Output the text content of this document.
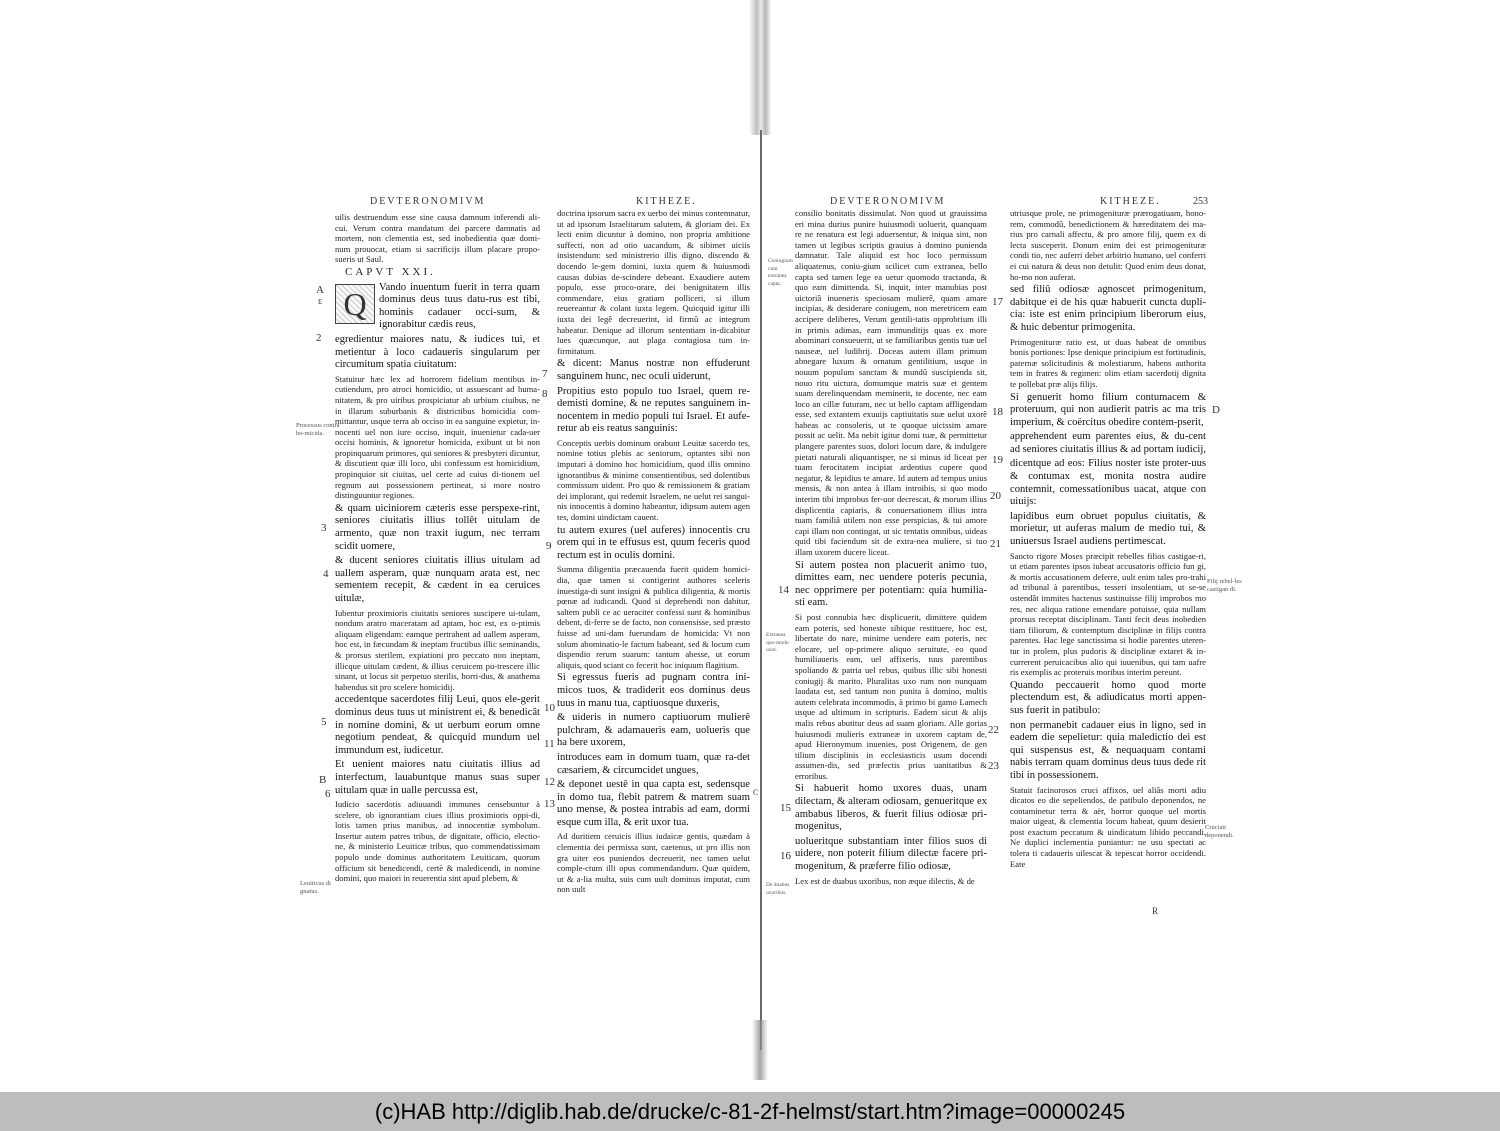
DEVTERONOMIVM	KITHEZE.	DEVTERONOMIVM	KITHEZE.	253

uilis destruendum esse sine causa damnum inferendi ali-cui. Verum contra mandatum dei parcere damnatis ad mortem, non clementia est, sed inobedientia quæ domi-num prouocat, etiam si sacrificijs illum placare propo-sueris ut Saul.

CAPVT XXI.

Q	Vando inuentum fuerit in terra quam dominus deus tuus datu-rus est tibi, hominis cadauer occi-sum, & ignorabitur cædis reus,

egredientur maiores natu, & iudices tui, et metientur à loco cadaueris singularum per circumitum spatia ciuitatum:

Statuitur hæc lex ad horrorem fidelium mentibus in-cutiendum, pro atroci homicidio, ut assuescant ad huma-nitatem, & pro uiribus prospiciatur ab urbium ciuibus, ne in illarum suburbanis & districtibus homicidia com-mittantur, usque terra ab occiso in ea sanguine expietur, in-nocenti uel non iure occiso, inquit, inuenietur cada-uer occisi hominis, & ignoretur homicida, exibunt ut bi non propinquarum primores, qui seniores & presbyteri dicuntur, & discutient quæ illi loco, ubi confessum est homicidium, propinquior sit ciuitas, uel certe ad cuius di-tionem uel regnum aut possessionem pertineat, si more nostro distinguuntur regiones.

& quam uiciniorem cæteris esse perspexe-rint, seniores ciuitatis illius tollêt uitulam de armento, quæ non traxit iugum, nec terram scidit uomere,

& ducent seniores ciuitatis illius uitulam ad uallem asperam, quæ nunquam arata est, nec sementem recepit, & cædent in ea ceruices uitulæ,

Iubentur proximioris ciuitatis seniores suscipere ui-tulam, nondum aratro maceratam ad aptam, hoc est, ex o-ptimis aliquam eligendam: eamque pertrahent ad uallem asperam, hoc est, in fæcundam & ineptam fructibus illic seminandis, & prorsus sterilem, expiationi pro peccato non ineptam, illicque uitulam cædent, & illius ceruicem pu-trescere illic sinant, ut locus sit perpetuo sterilis, horri-dus, & anathema habendus sit pro scelere homicidij.

accedentque sacerdotes filij Leui, quos ele-gerit dominus deus tuus ut ministrent ei, & benedicât in nomine domini, & ut uerbum eorum omne negotium pendeat, & quicquid mundum uel immundum est, iudicetur.

Et uenient maiores natu ciuitatis illius ad interfectum, lauabuntque manus suas super uitulam quæ in ualle percussa est,

Iudicio sacerdotis adiuuandi immunes censebuntur à scelere, ob ignorantiam ciues illius proximioris oppi-di, lotis tamen prius manibus, ad innocentiæ symbolum. Insertur autem patres tribus, de dignitate, officio, electio-ne, & ministerio Leuiticæ tribus, quo commendatissimam populo unde dominus authoritatem Leuiticam, quorum officium sit benedicendi, certè & maledicendi, in nomine domini, quo maiori in reuerentia sint apud plebem, &

doctrina ipsorum sacra ex uerbo dei minus contemnatur, ut ad ipsorum Israelitarum salutem, & gloriam dei. Ex lecti enim dicuntur à domino, non propria ambitione suffecti, non ad otio uacandum, & sibimet uiciis insistendum: sed ministrerio illis digno, discendo & docendo le-gem domini, iuxta quem & huiusmodi causas dubias de-scindere debeant. Exaudiere autem populo, esse proco-orare, dei benignitatem illis commendare, eius gratiam polliceri, si illum reuereantur & colant iuxta legem. Quicquid igitur illi iuxta dei legê decreuerint, id firmû ac integrum habeatur. Denique ad illorum sententiam in-dicabitur lues quæcunque, aut plaga contagiosa tum in-firmitatum.

& dicent: Manus nostræ non effuderunt sanguinem hunc, nec oculi uiderunt,

Propitius esto populo tuo Israel, quem re-demisti domine, & ne reputes sanguinem in-nocentem in medio populi tui Israel. Et aufe-retur ab eis reatus sanguinis:

Conceptis uerbis dominum orabunt Leuitæ sacerdo tes, nomine totius plebis ac seniorum, optantes sibi non imputari à domino hoc homicidium, quod illis omnino ignorantibus & minime consentientibus, sed dolentibus commissum uident. Pro quo & remissionem & gratiam dei implorant, qui redemit Israelem, ne uelut rei sangui-nis innocentis à domino habeantur, idipsum autem agen tes, domini uindictam cauent.

tu autem exures (uel auferes) innocentis cru orem qui in te effusus est, quum feceris quod rectum est in oculis domini.

Summa diligentia præcauenda fuerit quidem homici-dia, quæ tamen si contigerint authores sceleris inuestiga-di sunt insigni & publica diligentia, & mortis pœnæ ad iudicandi. Quod si deprehendi non dabitur, saltem publi ce ac ueraciter confessi sunt & hominibus debent, di-ferre se de facto, non consensisse, sed præsto fuisse ad uni-dam fuerundam de homicida: Vt non solum abominatio-le factum habeant, sed & locum cum dispendio rerum suarum: tantum abesse, ut eorum aliquis, quod sciant co fecerit hoc iniquum flagitium.

Si egressus fueris ad pugnam contra ini-micos tuos, & tradiderit eos dominus deus tuus in manu tua, captiuosque duxeris,

& uideris in numero captiuorum mulierê pulchram, & adamaueris eam, uolueris que ha bere uxorem,

introduces eam in domum tuam, quæ ra-det cæsariem, & circumcidet ungues,

& deponet uestê in qua capta est, sedensque in domo tua, flebit patrem & matrem suam uno mense, & postea intrabis ad eam, dormi esque cum illa, & erit uxor tua.

Ad duritiem ceruicis illius iudaicæ gentis, quædam à clementia dei permissa sunt, caetenus, ut pro illis non gra uiter eos puniendos decreuerit, nec tamen uelut comple-ctum illi opus commendandum. Quæ quidem, ut & a-lia multa, suis cum uult dominus imputat, cum non uult

consilio bonitatis dissimulat. Non quod ut grauissima eri mina durius punire huiusmodi uoluerit, quanquam re ne renatura est legi aduersentur, & iniqua sint, non tamen ut legibus scriptis grauius à domino punienda damnatur. Tale aliquid est hoc loco permissum aliquatenus, coniu-gium scilicet cum extranea, bello capta sed tamen lege ea uetur quomodo tractanda, & quo eam dimittenda. Si, inquit, inter manubias post uictoriâ inueneris speciosam mulierê, quam amare incipias, & desiderare coniugem, non meretricem eam accipere deliberes, Verum gentili-tatis opprobrium illi in primis adimas, eam immunditijs quas ex more abominari consueuerit, ut se familiaribus gentis tuæ uel nauseæ, uel ludibrij. Doceas autem illam primum abnegare luxum & ornatum gentilitium, usque in nouum populum sanctam & mundû suscipienda sit, nouo ritu uictura, domumque matris suæ et gentem suam derelinquendam meminerit, te docente, nec eam loco an cillæ futuram, nec ut bello captam affligendam esse, sed extantem exuuijs captiuitatis suæ uelut uxorê habeas ac consoleris, ut te quoque uicissim amare possit ac uelit. Ma nebit igitur domi tuæ, & permittetur plangere parentes suos, dolori locum dare, & indulgere pietati naturali aliquantisper, ne si minus id liceat per tuam ferocitatem incipiat ardentius cupere quod negatur, & lepidius te amare. Id autem ad tempus unius mensis, & non antea à illam introibis, si quo modo interim tibi improbus fer-uor decrescat, & morum illius displicentia capiaris, & conuersationem illius intra tuam familiâ utilem non esse perspicias, & tui amore capi illam non contingat, ut sic tentatis omnibus, uideas quid tibi faciendum sit de extra-nea muliere, si tuo illam uxorem ducere liceat.

Si autem postea non placuerit animo tuo, dimittes eam, nec uendere poteris pecunia, nec opprimere per potentiam: quia humilia-sti eam.

Si post connubia hæc displicuerit, dimittere quidem eam poteris, sed honeste sibique restituere, hoc est, libertate do nare, minime uendere eam poteris, nec elocare, uel op-primere aliquo seruitute, eo quod humiliaueris eam, uel affixeris, tuus parentibus spoliando & patria uel rebus, quibus illic sibi honesti coniugij & marito. Pluralitas uxo rum non nunquam laudata est, sed tantum non punita à domino, multis autem celebrata incommodis, à primo bi gamo Lamech usque ad ultimum in scripturis. Eadem sicut & alijs malis rebus abutitur deus ad suam gloriam. Alle gorias huiusmodi mulieris extraneæ in uxorem captam de, apud Hieronymum inuenies, post Origenem, de gen tilium disciplinis in ecclesiasticis usum docendi assumen-dis, sed præfectis prius uanitatibus & erroribus.

Si habuerit homo uxores duas, unam dilectam, & alteram odiosam, genueritque ex ambabus liberos, & fuerit filius odiosæ pri-mogenitus,

uolueritque substantiam inter filios suos di uidere, non poterit filium dilectæ facere pri-mogenitum, & præferre filio odiosæ,

Lex est de duabus uxoribus, non æque dilectis, & de

utriusque prole, ne primogenituræ prærogatiuam, hono-rem, commodû, benedictionem & hæreditatem dei ma-rius pro carnali affectu, & pro amore filij, quem ex di lecta susceperit. Donum enim dei est primogenituræ condi tio, nec auferri debet arbitrio humano, uel conferri ei cui natura & deus non detulit: Quod enim deus donat, ho-mo non auferat.

sed filiû odiosæ agnoscet primogenitum, dabitque ei de his quæ habuerit cuncta dupli-cia: iste est enim principium liberorum eius, & huic debentur primogenita.

Primogenituræ ratio est, ut duas habeat de omnibus bonis portiones: Ipse denique principium est fortitudinis, paternæ solicitudinis & molestiarum, habens authorita tem in fratres & regimen: olim etiam sacerdotij dignita te pollebat præ alijs filijs.

Si genuerit homo filium contumacem & proteruum, qui non audierit patris ac ma tris imperium, & coërcitus obedire contem-pserit,

apprehendent eum parentes eius, & du-cent ad seniores ciuitatis illius & ad portam iudicij,

dicentque ad eos: Filius noster iste proter-uus & contumax est, monita nostra audire contemnit, comessationibus uacat, atque con uiuijs:

lapidibus eum obruet populus ciuitatis, & morietur, ut auferas malum de medio tui, & uniuersus Israel audiens pertimescat.

Sancto rigore Moses præcipit rebelles filios castigae-ri, ut etiam parentes ipsos iubeat accusatoris officio fun gi, & mortis accusationem deferre, uult enim tales pro-trahi ad tribunal à parentibus, tesseri insolentiam, ut se-se ostendât immites hactenus sustinuisse filij improbos mo res, nec aliqua ratione emendare potuisse, quia nullam prorsus receptat disciplinam. Tanti fecit deus inobedien tiam filiorum, & contemptum disciplinæ in filijs contra parentes. Hac lege sanctissima si hodie parentes uteren-tur in prolem, plus pudoris & disciplinæ extaret & in-currerent peruicacibus alio qui iuuenibus, qui tam uafre ris exemplis ac proteruis moribus interim pereunt.

Quando peccauerit homo quod morte plectendum est, & adiudicatus morti appen-sus fuerit in patibulo:

non permanebit cadauer eius in ligno, sed in eadem die sepelietur: quia maledictio dei est qui suspensus est, & nequaquam contami nabis terram quam dominus deus tuus dede rit tibi in possessionem.

Statuit facinorosos cruci affixos, uel aliâs morti adiu dicatos eo die sepeliendos, de patibulo deponendos, ne contaminetur terra & aër, horror quoque uel mortis maior uigeat, & clementia locum habeat, quum desierit post exactum peccatum & uindicatum libido peccandi. Ne duplici inclementia puniantur: ne usu spectati ac tolera ti cadaueris uilescat & tepescat horror occidendi. Eate

A
E
2
3
4
5
B
6
7
8
9
10
11
12
13
C
14
15
16
17
18
19
20
21
22
23
D
R
Processus contra ho-micida.
Leuiticus di gnatus.
Coniugium cum extranea capta.
Extranea quo-modo uxor.
De duabus uxoribus.
Filij rebel-les castigan di.
Cruciati deponendi.
(c)HAB http://diglib.hab.de/drucke/c-81-2f-helmst/start.htm?image=00000245
